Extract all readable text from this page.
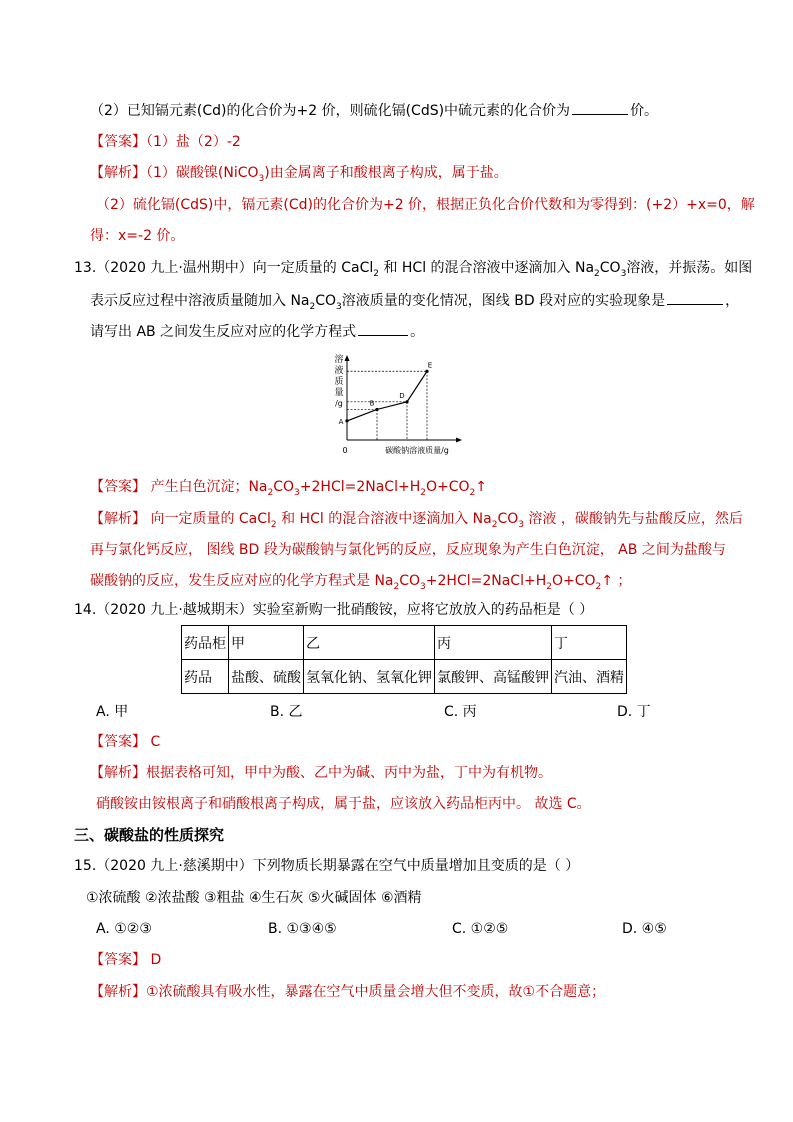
（2）已知镉元素(Cd)的化合价为+2 价，则硫化镉(CdS)中硫元素的化合价为	价。
【答案】（1）盐（2）-2
【解析】（1）碳酸镍(NiCO$_3$)由金属离子和酸根离子构成，属于盐。
（2）硫化镉(CdS)中，镉元素(Cd)的化合价为+2 价，根据正负化合价代数和为零得到：(+2）+x=0，解
得：x=-2 价。
13.（2020 九上·温州期中）向一定质量的 CaCl$_2$ 和 HCl 的混合溶液中逐滴加入 $Na_2CO_3$溶液，并振荡。如图
表示反应过程中溶液质量随加入 $Na_2CO_3$溶液质量的变化情况，图线 BD 段对应的实验现象是	，
请写出 AB 之间发生反应对应的化学方程式	。
溶
液
质
量
/g
0	碳酸钠溶液质量/g
A
B
D
E
【答案】 产生白色沉淀；$Na_2CO_3+2HCl=2NaCl+H_2O+CO_2↑$
【解析】 向一定质量的 CaCl$_2$ 和 HCl 的混合溶液中逐滴加入 $Na_2CO_3$ 溶液 ，碳酸钠先与盐酸反应，然后
再与氯化钙反应， 图线 BD 段为碳酸钠与氯化钙的反应，反应现象为产生白色沉淀， AB 之间为盐酸与
碳酸钠的反应，发生反应对应的化学方程式是 $Na_2CO_3+2HCl=2NaCl+H_2O+CO_2↑$ ；
14.（2020 九上·越城期末）实验室新购一批硝酸铵，应将它放放入的药品柜是（ ）
药品柜	甲	乙	丙	丁
药品	盐酸、硫酸	氢氧化钠、氢氧化钾	氯酸钾、高锰酸钾	汽油、酒精
A. 甲	B. 乙	C. 丙	D. 丁
【答案】 C
【解析】根据表格可知，甲中为酸、乙中为碱、丙中为盐，丁中为有机物。
硝酸铵由铵根离子和硝酸根离子构成，属于盐，应该放入药品柜丙中。 故选 C。
三、碳酸盐的性质探究
15.（2020 九上·慈溪期中）下列物质长期暴露在空气中质量增加且变质的是（ ）
①浓硫酸 ②浓盐酸 ③粗盐 ④生石灰 ⑤火碱固体 ⑥酒精
A. ①②③	B. ①③④⑤	C. ①②⑤	D. ④⑤
【答案】 D
【解析】①浓硫酸具有吸水性，暴露在空气中质量会增大但不变质，故①不合题意；
